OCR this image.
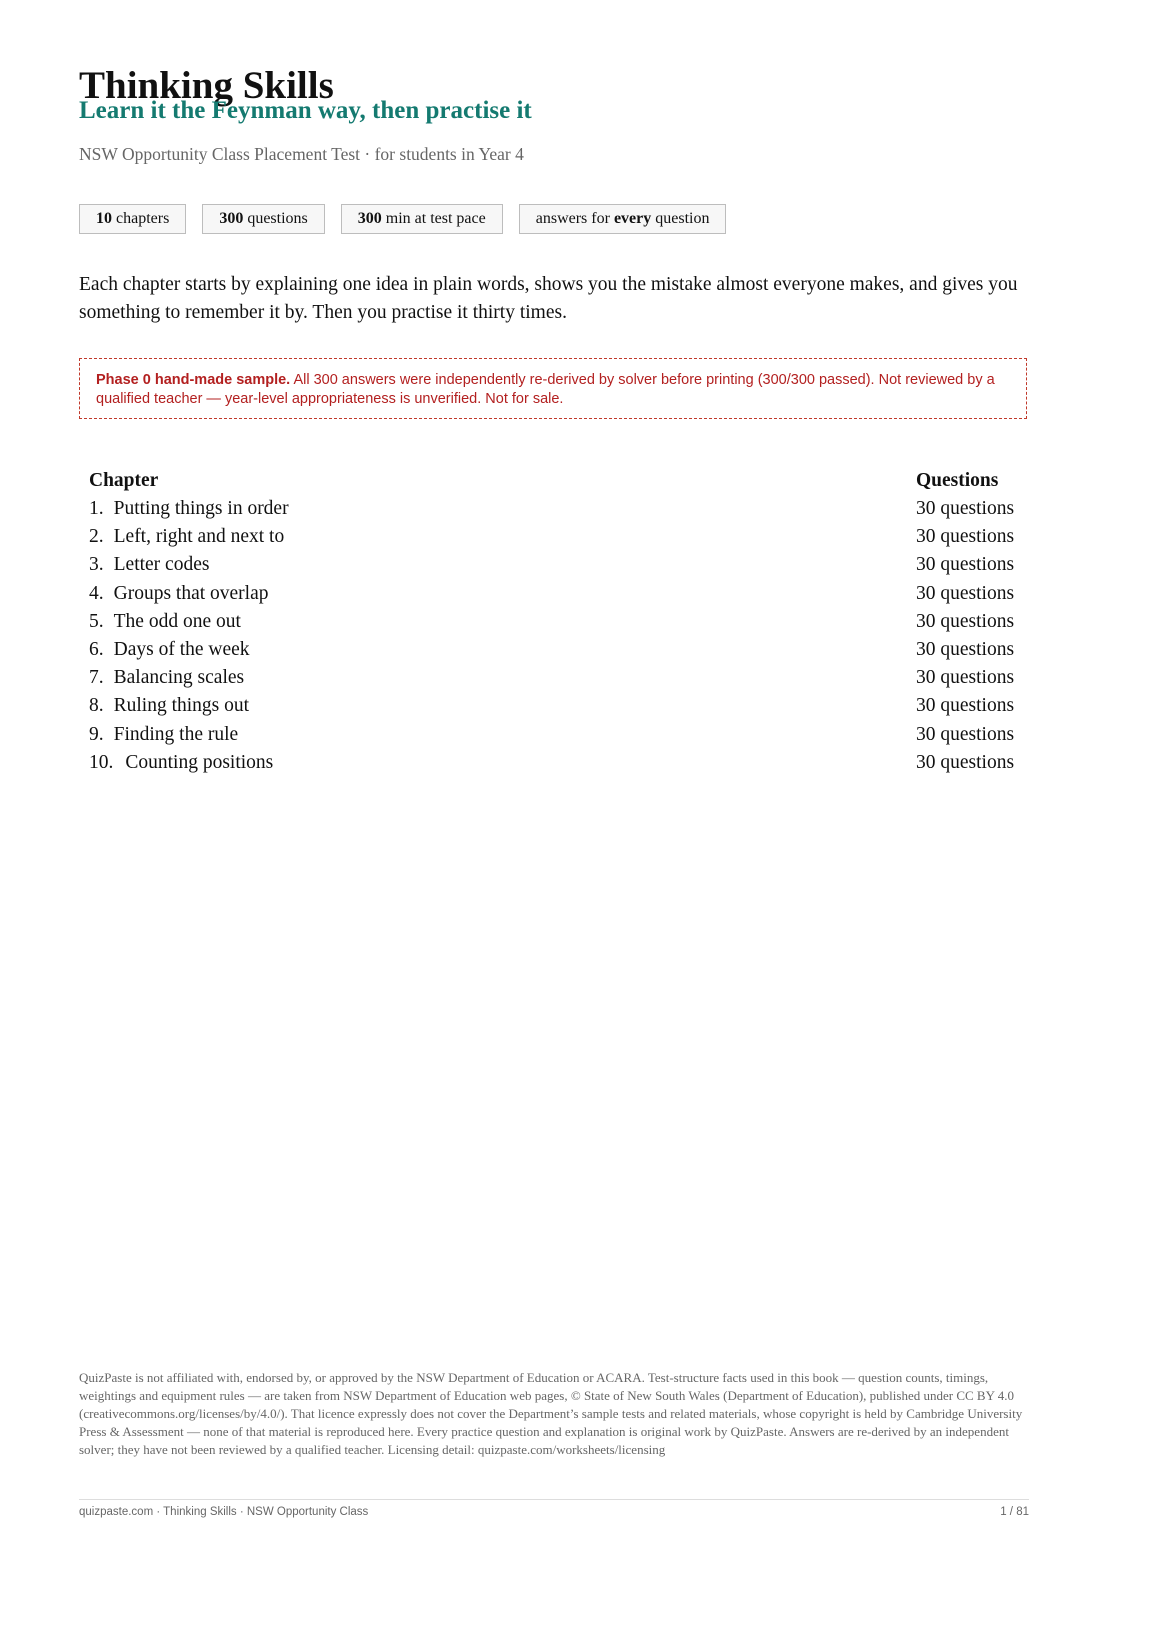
Thinking Skills
Learn it the Feynman way, then practise it
NSW Opportunity Class Placement Test · for students in Year 4
10 chapters	300 questions	300 min at test pace	answers for every question

Each chapter starts by explaining one idea in plain words, shows you the mistake almost everyone makes, and gives you something to remember it by. Then you practise it thirty times.

Phase 0 hand-made sample. All 300 answers were independently re-derived by solver before printing (300/300 passed). Not reviewed by a qualified teacher — year-level appropriateness is unverified. Not for sale.
Chapter	Questions
1. Putting things in order	30 questions
2. Left, right and next to	30 questions
3. Letter codes	30 questions
4. Groups that overlap	30 questions
5. The odd one out	30 questions
6. Days of the week	30 questions
7. Balancing scales	30 questions
8. Ruling things out	30 questions
9. Finding the rule	30 questions
10. Counting positions	30 questions

QuizPaste is not affiliated with, endorsed by, or approved by the NSW Department of Education or ACARA. Test-structure facts used in this book — question counts, timings, weightings and equipment rules — are taken from NSW Department of Education web pages, © State of New South Wales (Department of Education), published under CC BY 4.0 (creativecommons.org/licenses/by/4.0/). That licence expressly does not cover the Department’s sample tests and related materials, whose copyright is held by Cambridge University Press & Assessment — none of that material is reproduced here. Every practice question and explanation is original work by QuizPaste. Answers are re-derived by an independent solver; they have not been reviewed by a qualified teacher. Licensing detail: quizpaste.com/worksheets/licensing

quizpaste.com · Thinking Skills · NSW Opportunity Class	1 / 81
